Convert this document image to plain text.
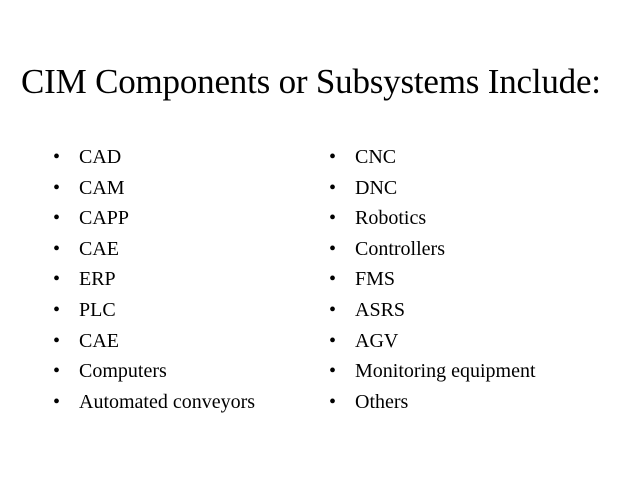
CIM Components or Subsystems Include:
• CAD
• CAM
• CAPP
• CAE
• ERP
• PLC
• CAE
• Computers
• Automated conveyors
• CNC
• DNC
• Robotics
• Controllers
• FMS
• ASRS
• AGV
• Monitoring equipment
• Others
